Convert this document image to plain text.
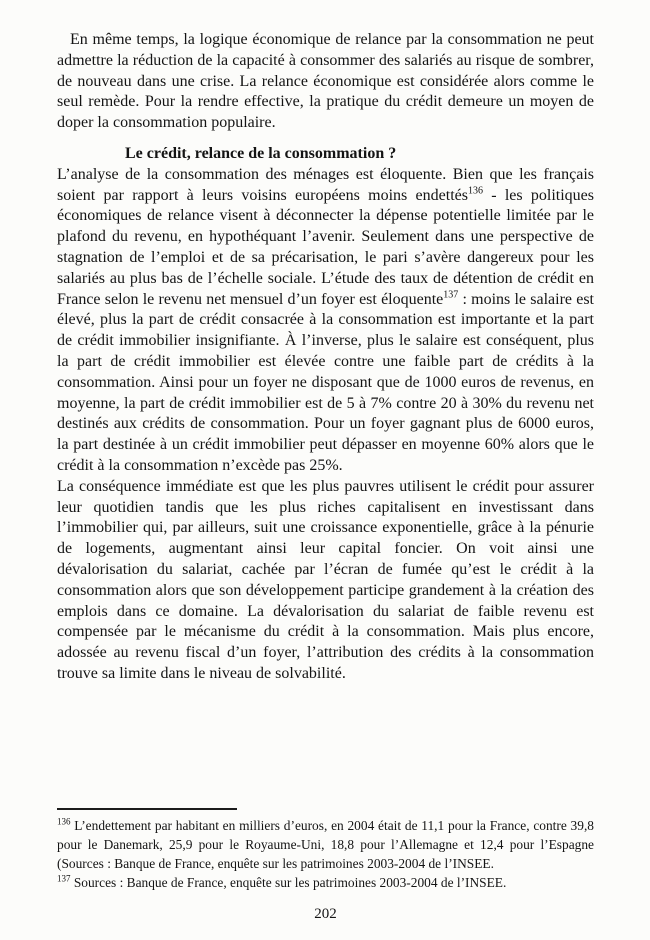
En même temps, la logique économique de relance par la consommation ne peut admettre la réduction de la capacité à consommer des salariés au risque de sombrer, de nouveau dans une crise. La relance économique est considérée alors comme le seul remède. Pour la rendre effective, la pratique du crédit demeure un moyen de doper la consommation populaire.

Le crédit, relance de la consommation ?

L’analyse de la consommation des ménages est éloquente. Bien que les français soient par rapport à leurs voisins européens moins endettés$^{136}$ - les politiques économiques de relance visent à déconnecter la dépense potentielle limitée par le plafond du revenu, en hypothéquant l’avenir. Seulement dans une perspective de stagnation de l’emploi et de sa précarisation, le pari s’avère dangereux pour les salariés au plus bas de l’échelle sociale. L’étude des taux de détention de crédit en France selon le revenu net mensuel d’un foyer est éloquente$^{137}$ : moins le salaire est élevé, plus la part de crédit consacrée à la consommation est importante et la part de crédit immobilier insignifiante. À l’inverse, plus le salaire est conséquent, plus la part de crédit immobilier est élevée contre une faible part de crédits à la consommation. Ainsi pour un foyer ne disposant que de 1000 euros de revenus, en moyenne, la part de crédit immobilier est de 5 à 7% contre 20 à 30% du revenu net destinés aux crédits de consommation. Pour un foyer gagnant plus de 6000 euros, la part destinée à un crédit immobilier peut dépasser en moyenne 60% alors que le crédit à la consommation n’excède pas 25%.

La conséquence immédiate est que les plus pauvres utilisent le crédit pour assurer leur quotidien tandis que les plus riches capitalisent en investissant dans l’immobilier qui, par ailleurs, suit une croissance exponentielle, grâce à la pénurie de logements, augmentant ainsi leur capital foncier. On voit ainsi une dévalorisation du salariat, cachée par l’écran de fumée qu’est le crédit à la consommation alors que son développement participe grandement à la création des emplois dans ce domaine. La dévalorisation du salariat de faible revenu est compensée par le mécanisme du crédit à la consommation. Mais plus encore, adossée au revenu fiscal d’un foyer, l’attribution des crédits à la consommation trouve sa limite dans le niveau de solvabilité.

$^{136}$ L’endettement par habitant en milliers d’euros, en 2004 était de 11,1 pour la France, contre 39,8 pour le Danemark, 25,9 pour le Royaume-Uni, 18,8 pour l’Allemagne et 12,4 pour l’Espagne (Sources : Banque de France, enquête sur les patrimoines 2003-2004 de l’INSEE.

$^{137}$ Sources : Banque de France, enquête sur les patrimoines 2003-2004 de l’INSEE.

202
